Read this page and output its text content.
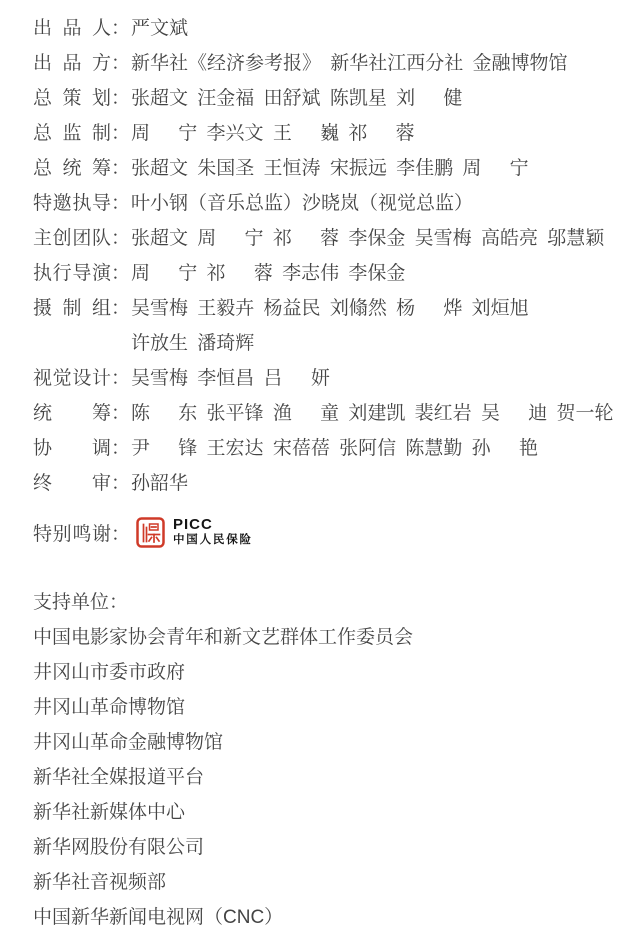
出品人：严文斌
出品方：新华社《经济参考报》 新华社江西分社 金融博物馆
总策划：张超文 汪金福 田舒斌 陈凯星 刘　 健
总监制：周　 宁 李兴文 王　 巍 祁　 蓉
总统筹：张超文 朱国圣 王恒涛 宋振远 李佳鹏 周　 宁
特邀执导：叶小钢（音乐总监）沙晓岚（视觉总监）
主创团队：张超文 周　 宁 祁　 蓉 李保金 吴雪梅 高皓亮 邬慧颖
执行导演：周　 宁 祁　 蓉 李志伟 李保金
摄制组：吴雪梅 王毅卉 杨益民 刘翛然 杨　 烨 刘烜旭
许放生 潘琦辉
视觉设计：吴雪梅 李恒昌 吕　 妍
统筹：陈　 东 张平锋 渔　 童 刘建凯 裴红岩 吴　 迪 贺一轮
协调：尹　 锋 王宏达 宋蓓蓓 张阿信 陈慧勤 孙　 艳
终审：孙韶华
特别鸣谢 ：	PICC
中国人民保险
支持单位：
中国电影家协会青年和新文艺群体工作委员会
井冈山市委市政府
井冈山革命博物馆
井冈山革命金融博物馆
新华社全媒报道平台
新华社新媒体中心
新华网股份有限公司
新华社音视频部
中国新华新闻电视网（CNC）
